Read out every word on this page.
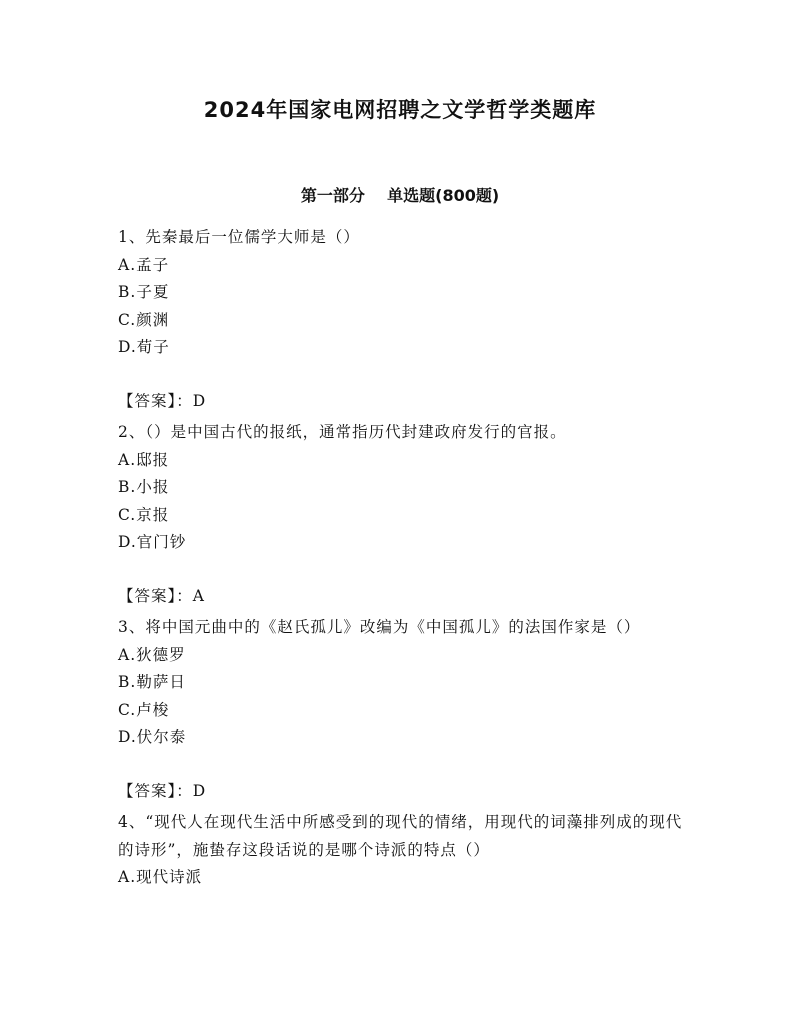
2024年国家电网招聘之文学哲学类题库
第一部分    单选题(800题)
1、先秦最后一位儒学大师是（）
A.孟子
B.子夏
C.颜渊
D.荀子
【答案】：D
2、（）是中国古代的报纸，通常指历代封建政府发行的官报。
A.邸报
B.小报
C.京报
D.官门钞
【答案】：A
3、将中国元曲中的《赵氏孤儿》改编为《中国孤儿》的法国作家是（）
A.狄德罗
B.勒萨日
C.卢梭
D.伏尔泰
【答案】：D
4、“现代人在现代生活中所感受到的现代的情绪，用现代的词藻排列成的现代的诗形”，施蛰存这段话说的是哪个诗派的特点（）
A.现代诗派
